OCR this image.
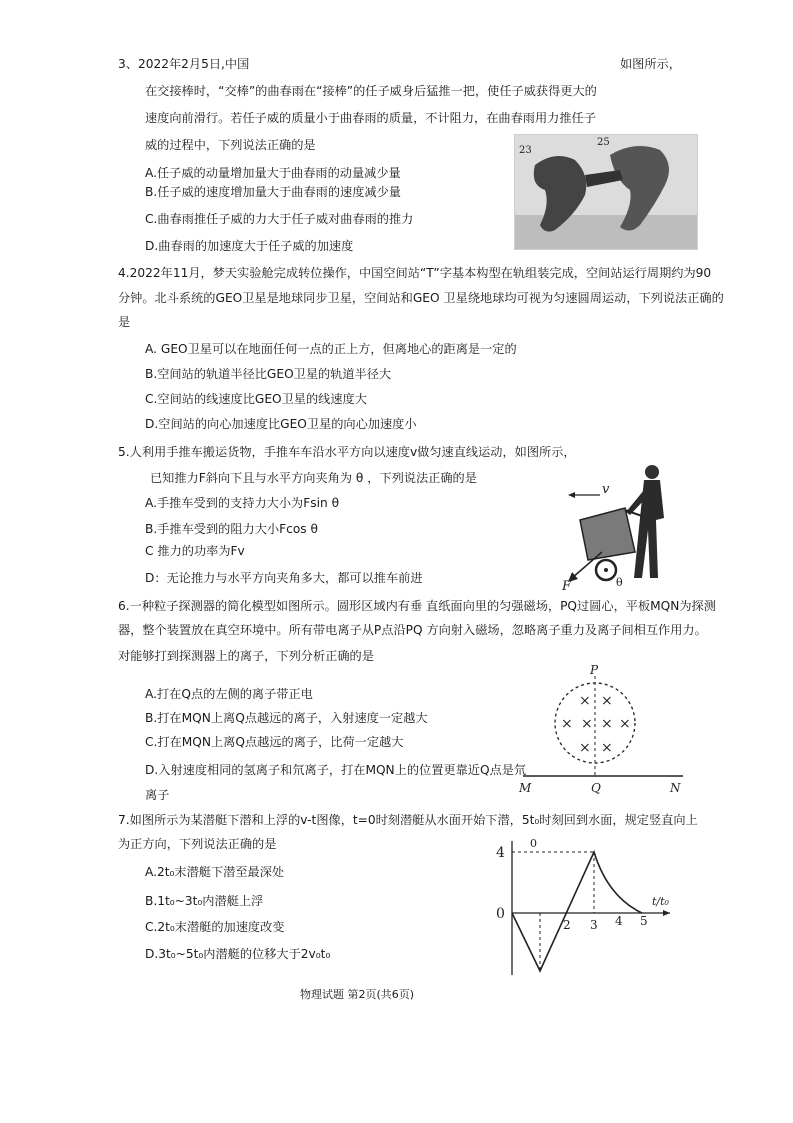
3、2022年2月5日,中国	如图所示，
在交接棒时，“交棒”的曲春雨在“接棒”的任子威身后猛推一把，使任子威获得更大的
速度向前滑行。若任子威的质量小于曲春雨的质量，不计阻力，在曲春雨用力推任子
威的过程中，下列说法正确的是
A.任子威的动量增加量大于曲春雨的动量减少量
B.任子威的速度增加量大于曲春雨的速度减少量
C.曲春雨推任子威的力大于任子威对曲春雨的推力
D.曲春雨的加速度大于任子威的加速度
23
25
4.2022年11月，梦天实验舱完成转位操作，中国空间站“T”字基本构型在轨组装完成，空间站运行周期约为90
分钟。北斗系统的GEO卫星是地球同步卫星，空间站和GEO 卫星绕地球均可视为匀速圆周运动，下列说法正确的
是
A. GEO卫星可以在地面任何一点的正上方，但离地心的距离是一定的
B.空间站的轨道半径比GEO卫星的轨道半径大
C.空间站的线速度比GEO卫星的线速度大
D.空间站的向心加速度比GEO卫星的向心加速度小
5.人利用手推车搬运货物，手推车车沿水平方向以速度v做匀速直线运动，如图所示，
已知推力F斜向下且与水平方向夹角为 θ ，下列说法正确的是
A.手推车受到的支持力大小为Fsin θ
B.手推车受到的阻力大小Fcos θ
C 推力的功率为Fv
D：无论推力与水平方向夹角多大，都可以推车前进
v
F	θ
6.一种粒子探测器的简化模型如图所示。圆形区域内有垂 直纸面向里的匀强磁场，PQ过圆心，平板MQN为探测
器，整个装置放在真空环境中。所有带电离子从P点沿PQ 方向射入磁场，忽略离子重力及离子间相互作用力。
对能够打到探测器上的离子，下列分析正确的是
A.打在Q点的左侧的离子带正电
B.打在MQN上离Q点越远的离子，入射速度一定越大
C.打在MQN上离Q点越远的离子，比荷一定越大
D.入射速度相同的氢离子和氘离子，打在MQN上的位置更靠近Q点是氘
离子
P
M	Q	N
× ×
× × × ×
× ×
7.如图所示为某潜艇下潜和上浮的v-t图像，t=0时刻潜艇从水面开始下潜，5t₀时刻回到水面，规定竖直向上
为正方向，下列说法正确的是
A.2t₀末潜艇下潜至最深处
B.1t₀~3t₀内潜艇上浮
C.2t₀末潜艇的加速度改变
D.3t₀~5t₀内潜艇的位移大于2v₀t₀
0
4
0
2 3 4 5
t/t₀
物理试题 第2页(共6页)
